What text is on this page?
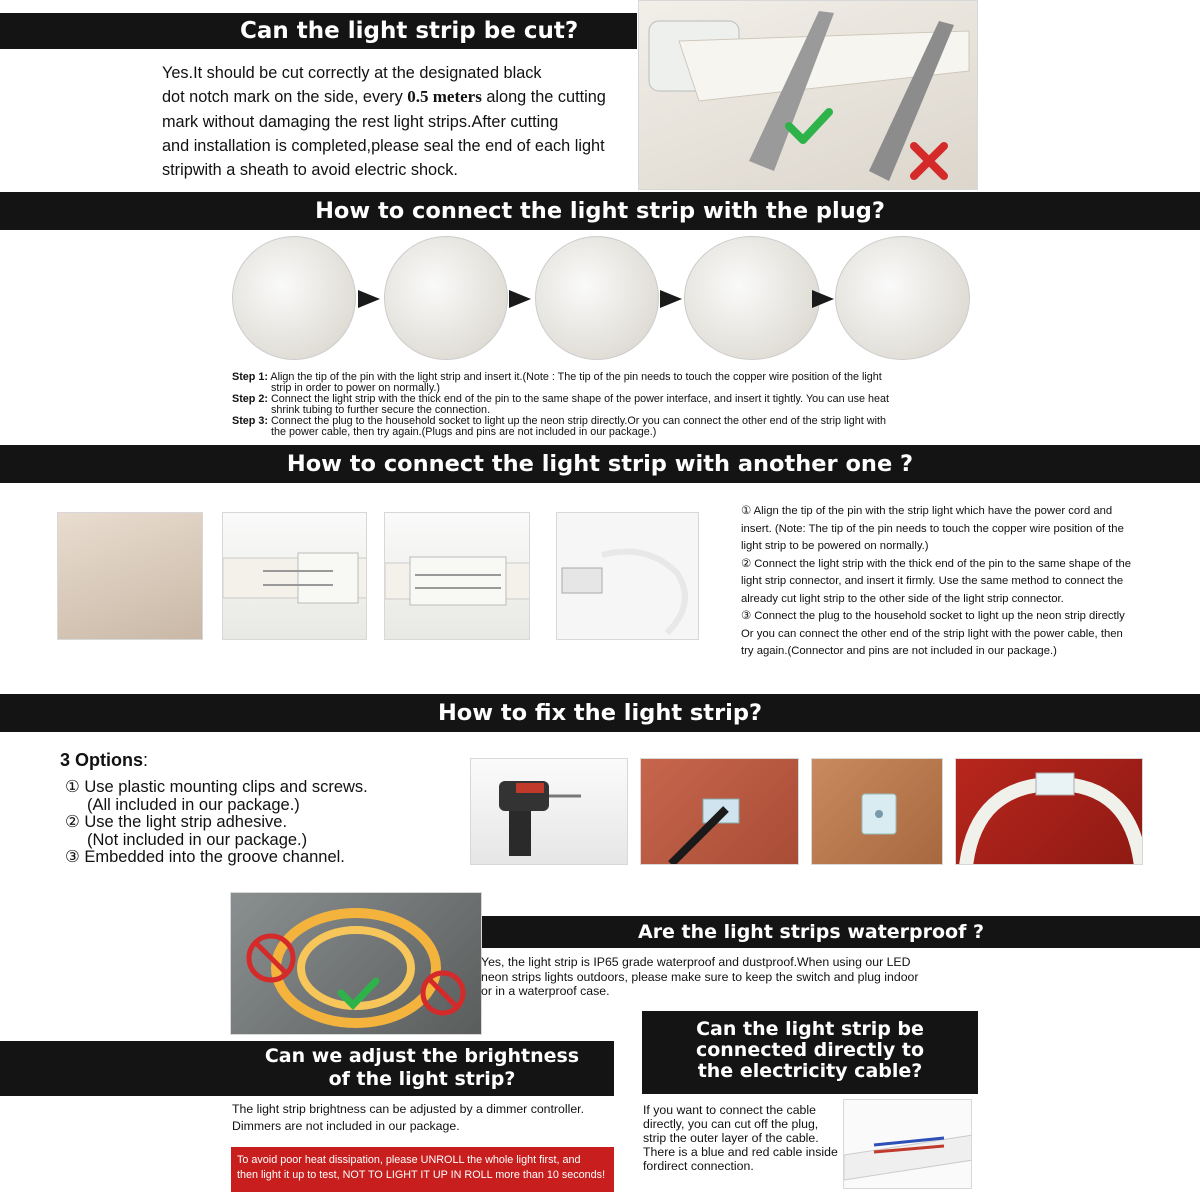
Can the light strip be cut?
Yes.It should be cut correctly at the designated black
dot notch mark on the side, every 0.5 meters along the cutting
mark without damaging the rest light strips.After cutting
and installation is completed,please seal the end of each light
stripwith a sheath to avoid electric shock.
How to connect the light strip with the plug?
Step 1: Align the tip of the pin with the light strip and insert it.(Note : The tip of the pin needs to touch the copper wire position of the light
strip in order to power on normally.)
Step 2: Connect the light strip with the thick end of the pin to the same shape of the power interface, and insert it tightly. You can use heat
shrink tubing to further secure the connection.
Step 3: Connect the plug to the household socket to light up the neon strip directly.Or you can connect the other end of the strip light with
the power cable, then try again.(Plugs and pins are not included in our package.)
How to connect the light strip with another one ?
① Align the tip of the pin with the strip light which have the power cord and
insert. (Note: The tip of the pin needs to touch the copper wire position of the
light strip to be powered on normally.)
② Connect the light strip with the thick end of the pin to the same shape of the
light strip connector, and insert it firmly. Use the same method to connect the
already cut light strip to the other side of the light strip connector.
③ Connect the plug to the household socket to light up the neon strip directly
Or you can connect the other end of the strip light with the power cable, then
try again.(Connector and pins are not included in our package.)
How to fix the light strip?
3 Options:
① Use plastic mounting clips and screws.
(All included in our package.)
② Use the light strip adhesive.
(Not included in our package.)
③ Embedded into the groove channel.
Are the light strips waterproof ?
Yes, the light strip is IP65 grade waterproof and dustproof.When using our LED
neon strips lights outdoors, please make sure to keep the switch and plug indoor
or in a waterproof case.
Can we adjust the brightness
of the light strip?
The light strip brightness can be adjusted by a dimmer controller.
Dimmers are not included in our package.
To avoid poor heat dissipation, please UNROLL the whole light first, and
then light it up to test, NOT TO LIGHT IT UP IN ROLL more than 10 seconds!
Can the light strip be
connected directly to
the electricity cable?
If you want to connect the cable
directly, you can cut off the plug,
strip the outer layer of the cable.
There is a blue and red cable inside
fordirect connection.
